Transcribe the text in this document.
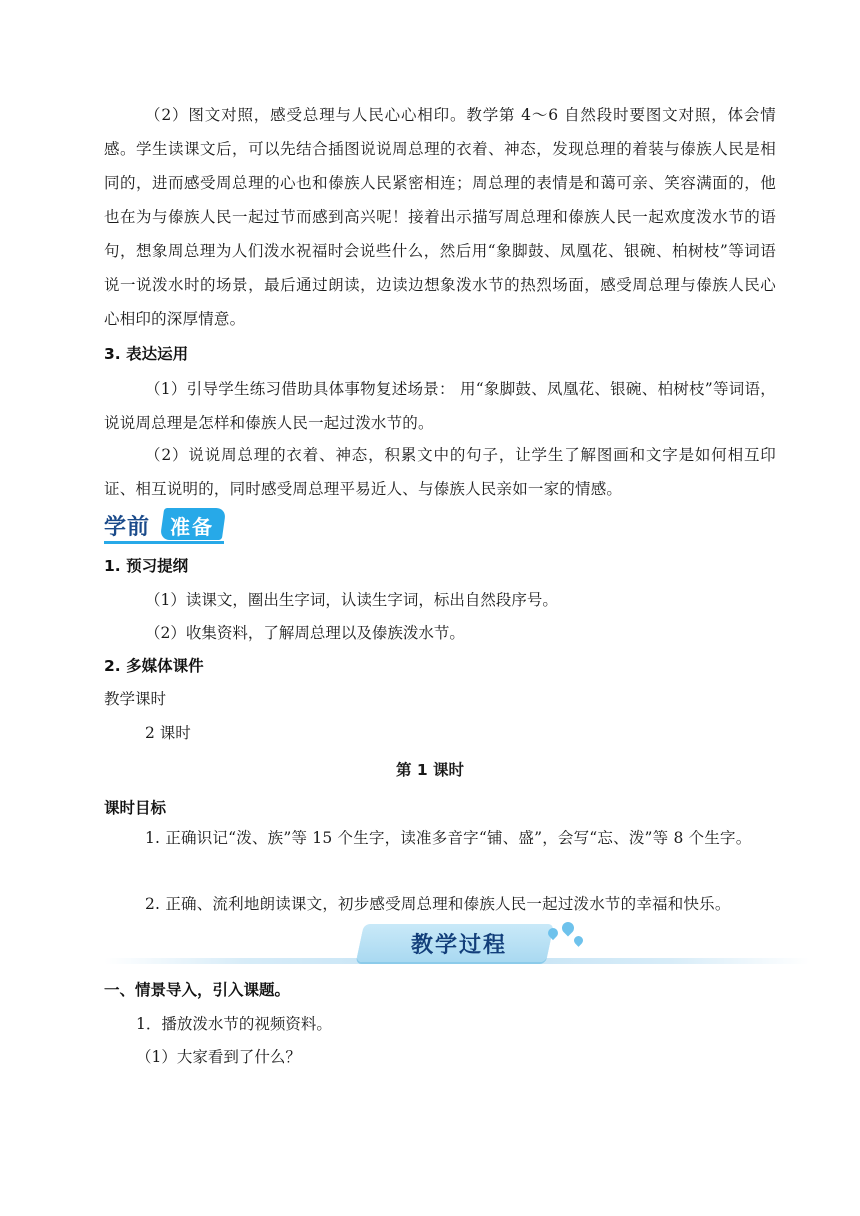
（2）图文对照，感受总理与人民心心相印。教学第 4～6 自然段时要图文对照，体会情感。学生读课文后，可以先结合插图说说周总理的衣着、神态，发现总理的着装与傣族人民是相同的，进而感受周总理的心也和傣族人民紧密相连；周总理的表情是和蔼可亲、笑容满面的，他也在为与傣族人民一起过节而感到高兴呢！接着出示描写周总理和傣族人民一起欢度泼水节的语句，想象周总理为人们泼水祝福时会说些什么，然后用“象脚鼓、凤凰花、银碗、柏树枝”等词语说一说泼水时的场景，最后通过朗读，边读边想象泼水节的热烈场面，感受周总理与傣族人民心心相印的深厚情意。

3. 表达运用

（1）引导学生练习借助具体事物复述场景： 用“象脚鼓、凤凰花、银碗、柏树枝”等词语，说说周总理是怎样和傣族人民一起过泼水节的。

（2）说说周总理的衣着、神态，积累文中的句子，让学生了解图画和文字是如何相互印证、相互说明的，同时感受周总理平易近人、与傣族人民亲如一家的情感。

学前 准备

1. 预习提纲

（1）读课文，圈出生字词，认读生字词，标出自然段序号。

（2）收集资料，了解周总理以及傣族泼水节。

2. 多媒体课件

教学课时

2 课时

第 1 课时

课时目标

1. 正确识记“泼、族”等 15 个生字，读准多音字“铺、盛”，会写“忘、泼”等 8 个生字。

2. 正确、流利地朗读课文，初步感受周总理和傣族人民一起过泼水节的幸福和快乐。

教学过程

一、情景导入，引入课题。

1．播放泼水节的视频资料。

（1）大家看到了什么？
